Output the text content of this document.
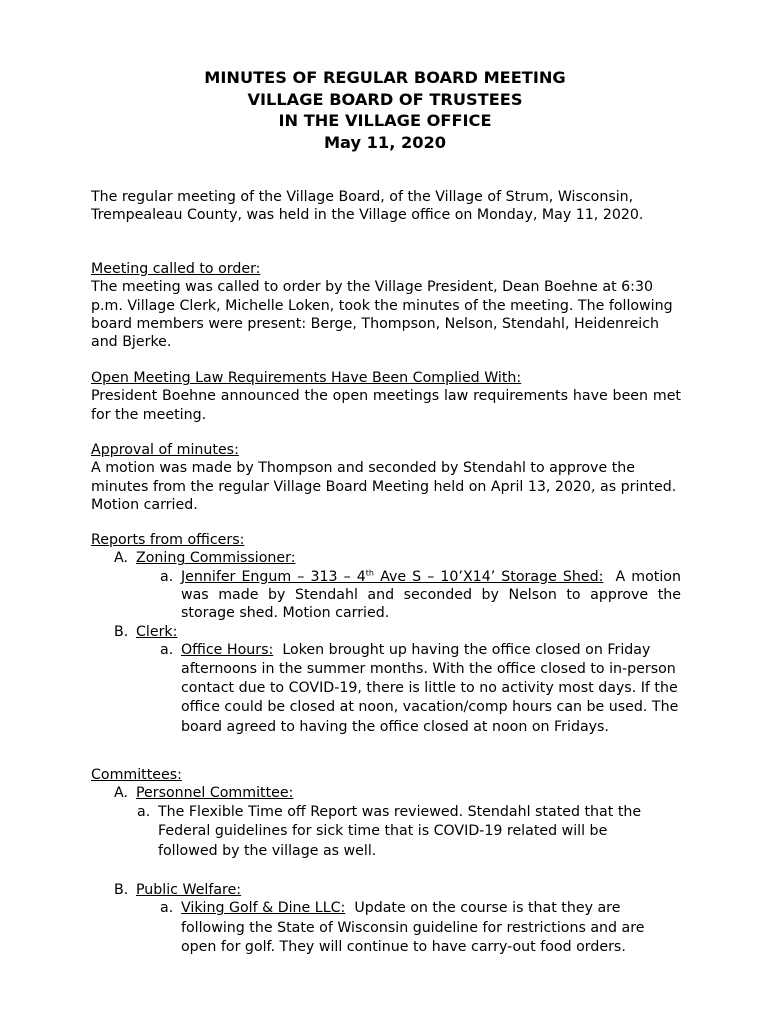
MINUTES OF REGULAR BOARD MEETING
VILLAGE BOARD OF TRUSTEES
IN THE VILLAGE OFFICE
May 11, 2020

The regular meeting of the Village Board, of the Village of Strum, Wisconsin, Trempealeau County, was held in the Village office on Monday, May 11, 2020.

Meeting called to order:

The meeting was called to order by the Village President, Dean Boehne at 6:30 p.m. Village Clerk, Michelle Loken, took the minutes of the meeting. The following board members were present: Berge, Thompson, Nelson, Stendahl, Heidenreich and Bjerke.

Open Meeting Law Requirements Have Been Complied With:

President Boehne announced the open meetings law requirements have been met for the meeting.

Approval of minutes:

A motion was made by Thompson and seconded by Stendahl to approve the minutes from the regular Village Board Meeting held on April 13, 2020, as printed. Motion carried.

Reports from officers:

A. Zoning Commissioner:
a. Jennifer Engum – 313 – 4th Ave S – 10’X14’ Storage Shed: A motion was made by Stendahl and seconded by Nelson to approve the storage shed. Motion carried.

B. Clerk:
a. Office Hours: Loken brought up having the office closed on Friday afternoons in the summer months. With the office closed to in-person contact due to COVID-19, there is little to no activity most days. If the office could be closed at noon, vacation/comp hours can be used. The board agreed to having the office closed at noon on Fridays.

Committees:

A. Personnel Committee:
a. The Flexible Time off Report was reviewed. Stendahl stated that the Federal guidelines for sick time that is COVID-19 related will be followed by the village as well.

B. Public Welfare:
a. Viking Golf & Dine LLC: Update on the course is that they are following the State of Wisconsin guideline for restrictions and are open for golf. They will continue to have carry-out food orders.
